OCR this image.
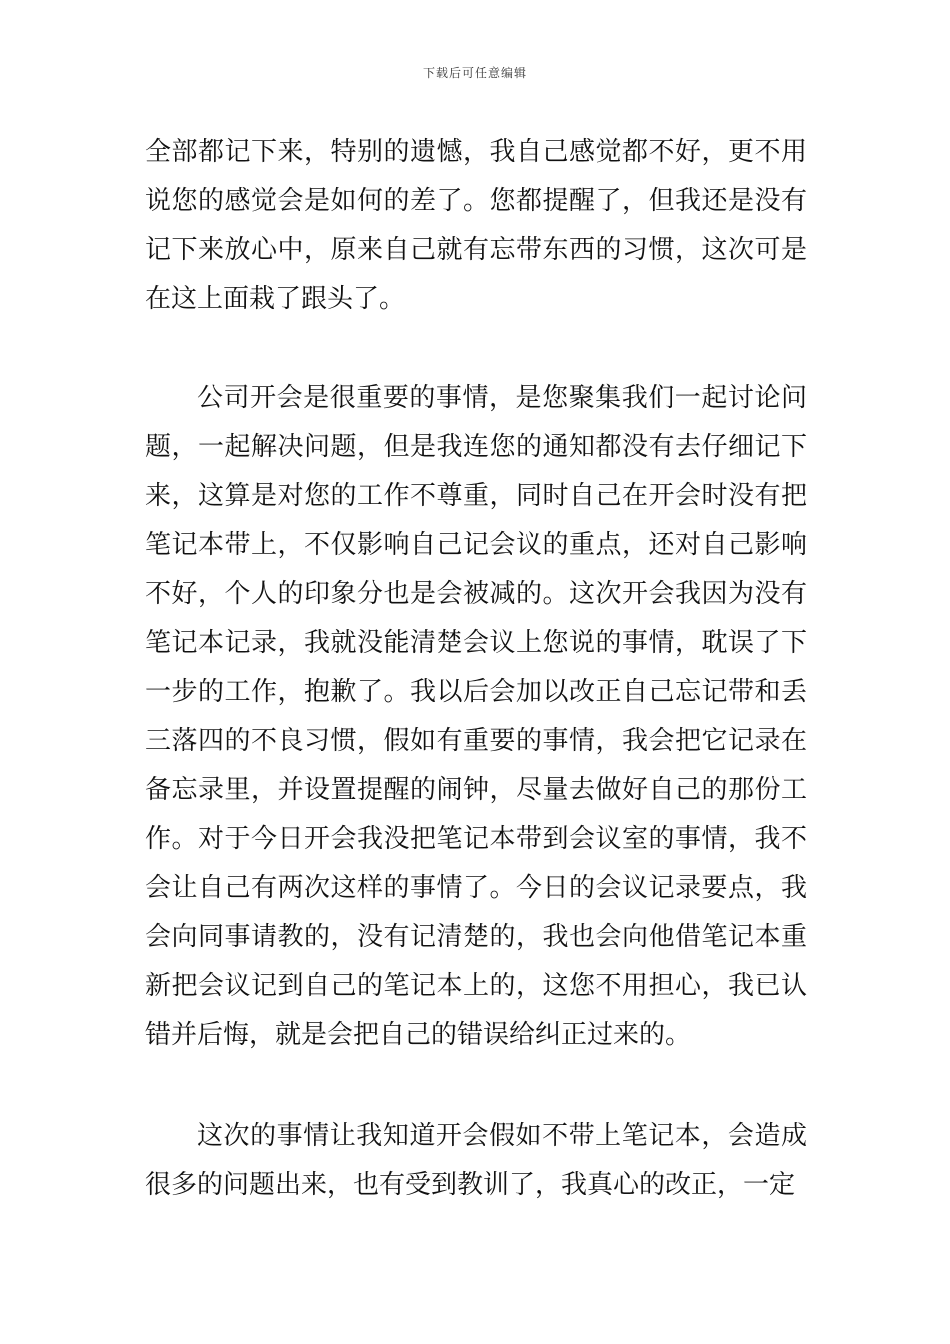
下载后可任意编辑

全部都记下来，特别的遗憾，我自己感觉都不好，更不用说您的感觉会是如何的差了。您都提醒了，但我还是没有记下来放心中，原来自己就有忘带东西的习惯，这次可是在这上面栽了跟头了。

公司开会是很重要的事情，是您聚集我们一起讨论问题，一起解决问题，但是我连您的通知都没有去仔细记下来，这算是对您的工作不尊重，同时自己在开会时没有把笔记本带上，不仅影响自己记会议的重点，还对自己影响不好，个人的印象分也是会被减的。这次开会我因为没有笔记本记录，我就没能清楚会议上您说的事情，耽误了下一步的工作，抱歉了。我以后会加以改正自己忘记带和丢三落四的不良习惯，假如有重要的事情，我会把它记录在备忘录里，并设置提醒的闹钟，尽量去做好自己的那份工作。对于今日开会我没把笔记本带到会议室的事情，我不会让自己有两次这样的事情了。今日的会议记录要点，我会向同事请教的，没有记清楚的，我也会向他借笔记本重新把会议记到自己的笔记本上的，这您不用担心，我已认错并后悔，就是会把自己的错误给纠正过来的。

这次的事情让我知道开会假如不带上笔记本，会造成很多的问题出来，也有受到教训了，我真心的改正，一定
